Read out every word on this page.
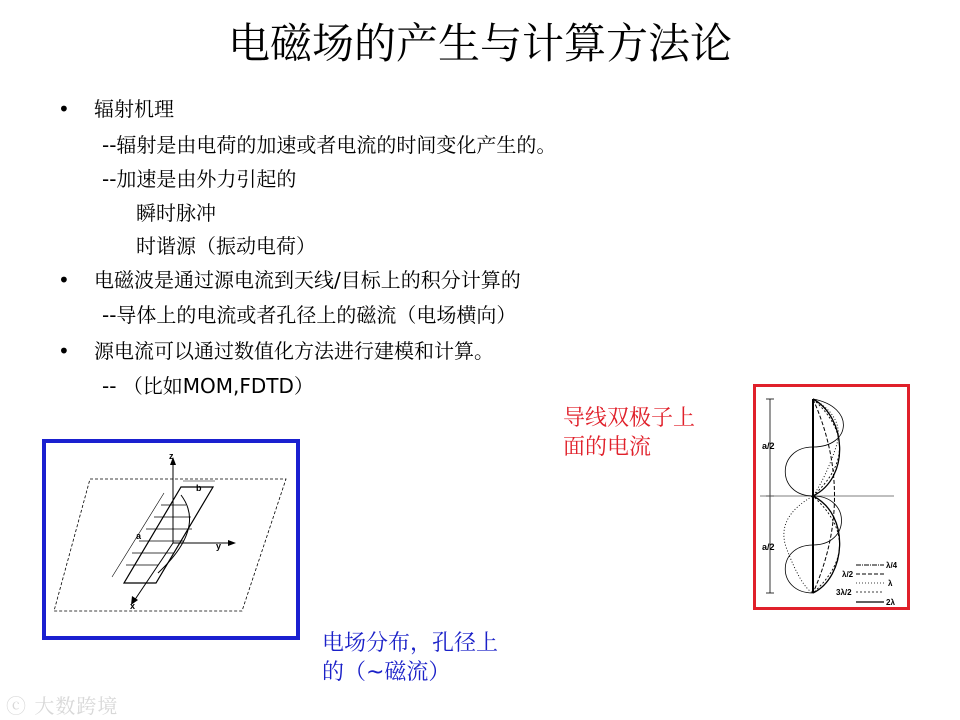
电磁场的产生与计算方法论
• 辐射机理
--辐射是由电荷的加速或者电流的时间变化产生的。
--加速是由外力引起的
瞬时脉冲
时谐源（振动电荷）
• 电磁波是通过源电流到天线/目标上的积分计算的
--导体上的电流或者孔径上的磁流（电场横向）
• 源电流可以通过数值化方法进行建模和计算。
-- （比如MOM,FDTD）
a/2
a/2
λ/4
λ/2
λ
3λ/2
2λ
导线双极子上
面的电流
z
y
x
a
b
电场分布，孔径上
的（~磁流）
ⓒ 大数跨境
